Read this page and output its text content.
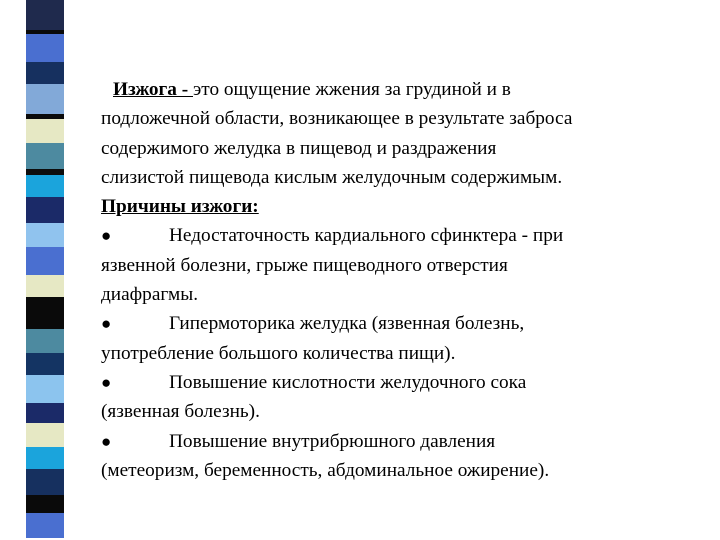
Изжога - это ощущение жжения за грудиной и в
подложечной области, возникающее в результате заброса
содержимого желудка в пищевод и раздражения
слизистой пищевода кислым желудочным содержимым.
Причины изжоги:
●	Недостаточность кардиального сфинктера - при
язвенной болезни, грыже пищеводного отверстия
диафрагмы.
●	Гипермоторика желудка (язвенная болезнь,
употребление большого количества пищи).
●	Повышение кислотности желудочного сока
(язвенная болезнь).
●	Повышение внутрибрюшного давления
(метеоризм, беременность, абдоминальное ожирение).
